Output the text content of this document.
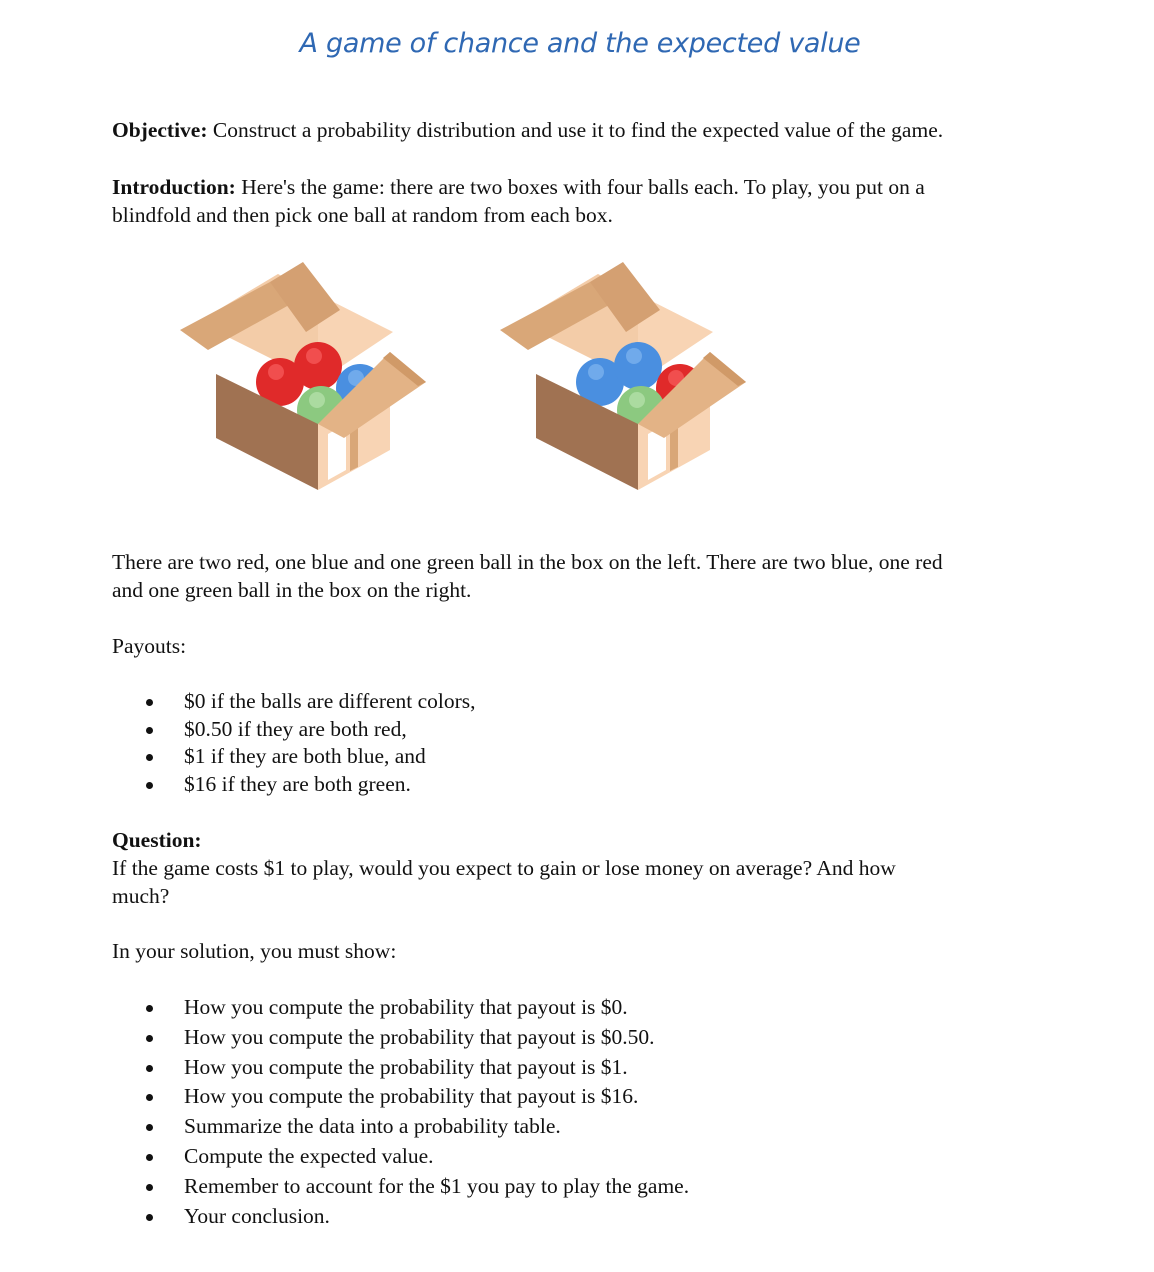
A game of chance and the expected value
Objective: Construct a probability distribution and use it to find the expected value of the game.
Introduction: Here's the game: there are two boxes with four balls each. To play, you put on a
blindfold and then pick one ball at random from each box.
There are two red, one blue and one green ball in the box on the left. There are two blue, one red
and one green ball in the box on the right.
Payouts:
$0 if the balls are different colors,
$0.50 if they are both red,
$1 if they are both blue, and
$16 if they are both green.
Question:
If the game costs $1 to play, would you expect to gain or lose money on average? And how
much?
In your solution, you must show:
How you compute the probability that payout is $0.
How you compute the probability that payout is $0.50.
How you compute the probability that payout is $1.
How you compute the probability that payout is $16.
Summarize the data into a probability table.
Compute the expected value.
Remember to account for the $1 you pay to play the game.
Your conclusion.
